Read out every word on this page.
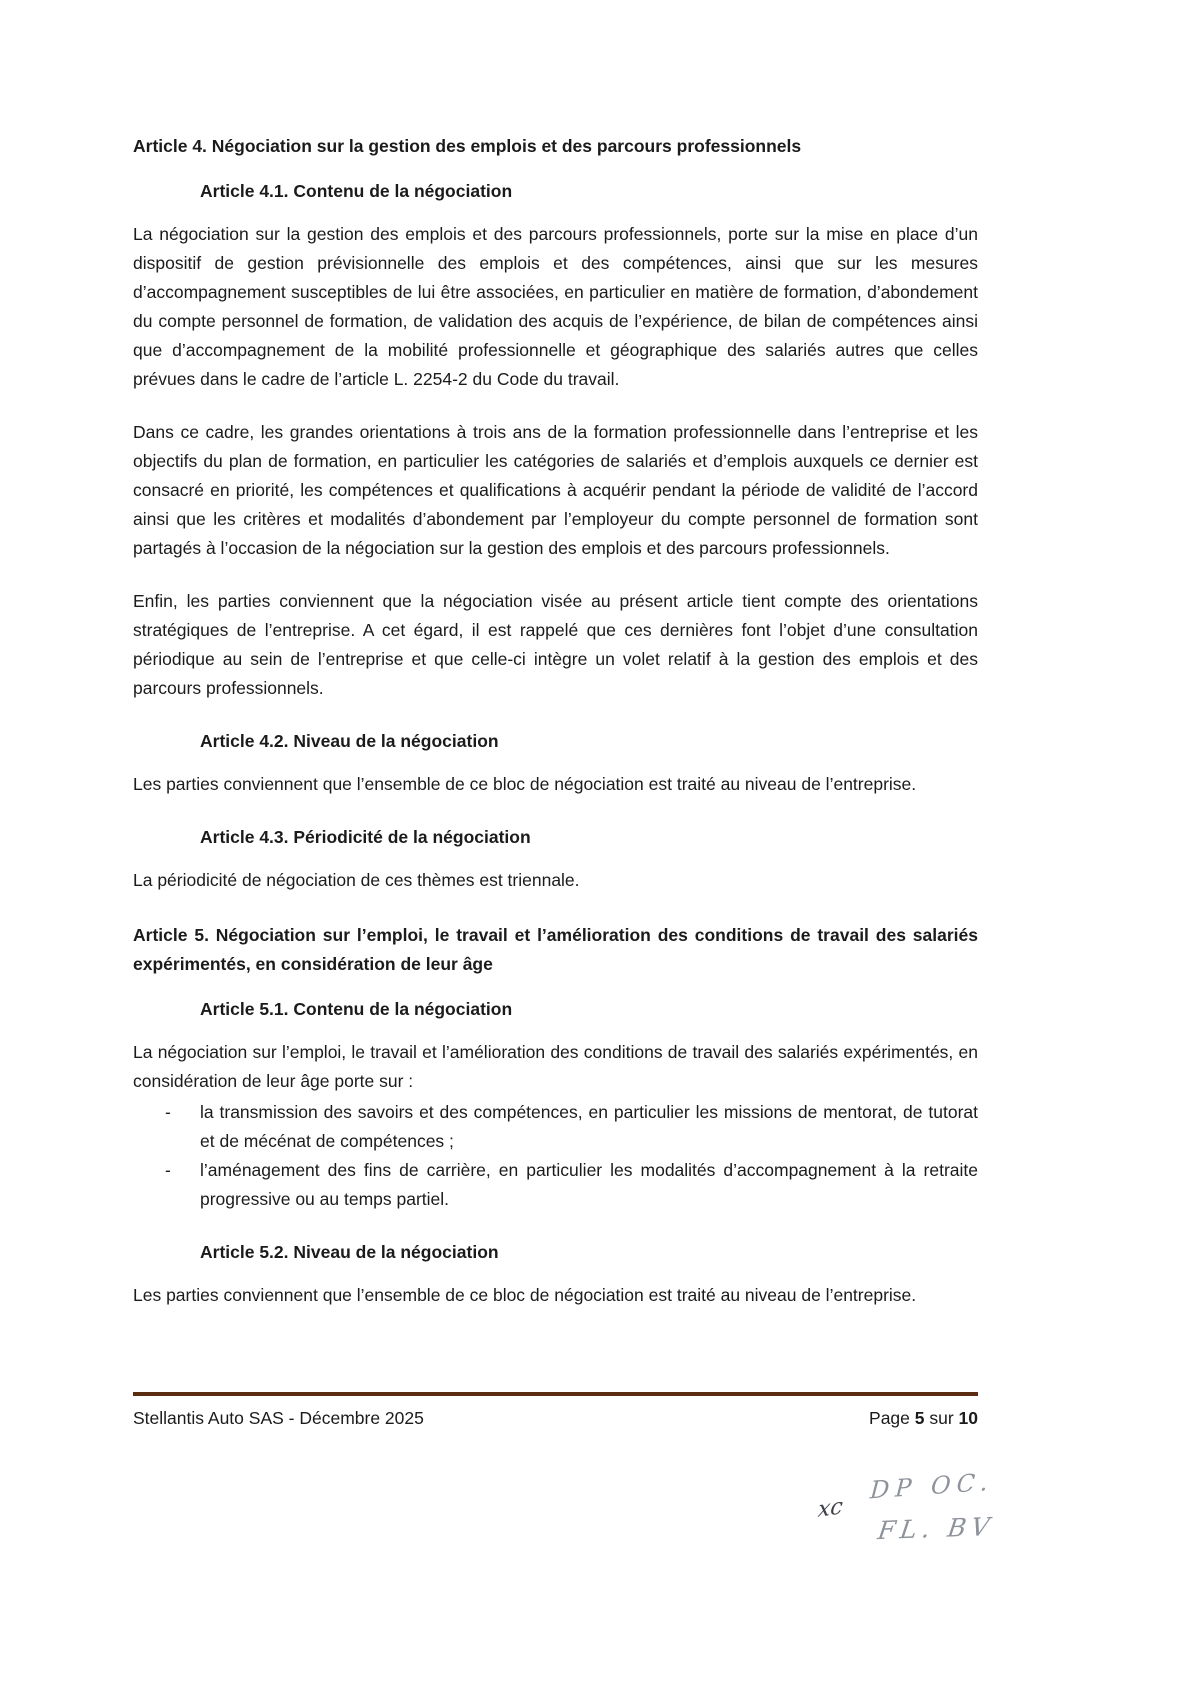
Article 4. Négociation sur la gestion des emplois et des parcours professionnels
Article 4.1. Contenu de la négociation

La négociation sur la gestion des emplois et des parcours professionnels, porte sur la mise en place d’un dispositif de gestion prévisionnelle des emplois et des compétences, ainsi que sur les mesures d’accompagnement susceptibles de lui être associées, en particulier en matière de formation, d’abondement du compte personnel de formation, de validation des acquis de l’expérience, de bilan de compétences ainsi que d’accompagnement de la mobilité professionnelle et géographique des salariés autres que celles prévues dans le cadre de l’article L. 2254-2 du Code du travail.

Dans ce cadre, les grandes orientations à trois ans de la formation professionnelle dans l’entreprise et les objectifs du plan de formation, en particulier les catégories de salariés et d’emplois auxquels ce dernier est consacré en priorité, les compétences et qualifications à acquérir pendant la période de validité de l’accord ainsi que les critères et modalités d’abondement par l’employeur du compte personnel de formation sont partagés à l’occasion de la négociation sur la gestion des emplois et des parcours professionnels.

Enfin, les parties conviennent que la négociation visée au présent article tient compte des orientations stratégiques de l’entreprise. A cet égard, il est rappelé que ces dernières font l’objet d’une consultation périodique au sein de l’entreprise et que celle-ci intègre un volet relatif à la gestion des emplois et des parcours professionnels.

Article 4.2. Niveau de la négociation

Les parties conviennent que l’ensemble de ce bloc de négociation est traité au niveau de l’entreprise.

Article 4.3. Périodicité de la négociation

La périodicité de négociation de ces thèmes est triennale.

Article 5. Négociation sur l’emploi, le travail et l’amélioration des conditions de travail des salariés expérimentés, en considération de leur âge
Article 5.1. Contenu de la négociation

La négociation sur l’emploi, le travail et l’amélioration des conditions de travail des salariés expérimentés, en considération de leur âge porte sur :

-	la transmission des savoirs et des compétences, en particulier les missions de mentorat, de tutorat et de mécénat de compétences ;
-	l’aménagement des fins de carrière, en particulier les modalités d’accompagnement à la retraite progressive ou au temps partiel.
Article 5.2. Niveau de la négociation

Les parties conviennent que l’ensemble de ce bloc de négociation est traité au niveau de l’entreprise.

Stellantis Auto SAS - Décembre 2025	Page 5 sur 10
xc
DP OC.
FL. BV
